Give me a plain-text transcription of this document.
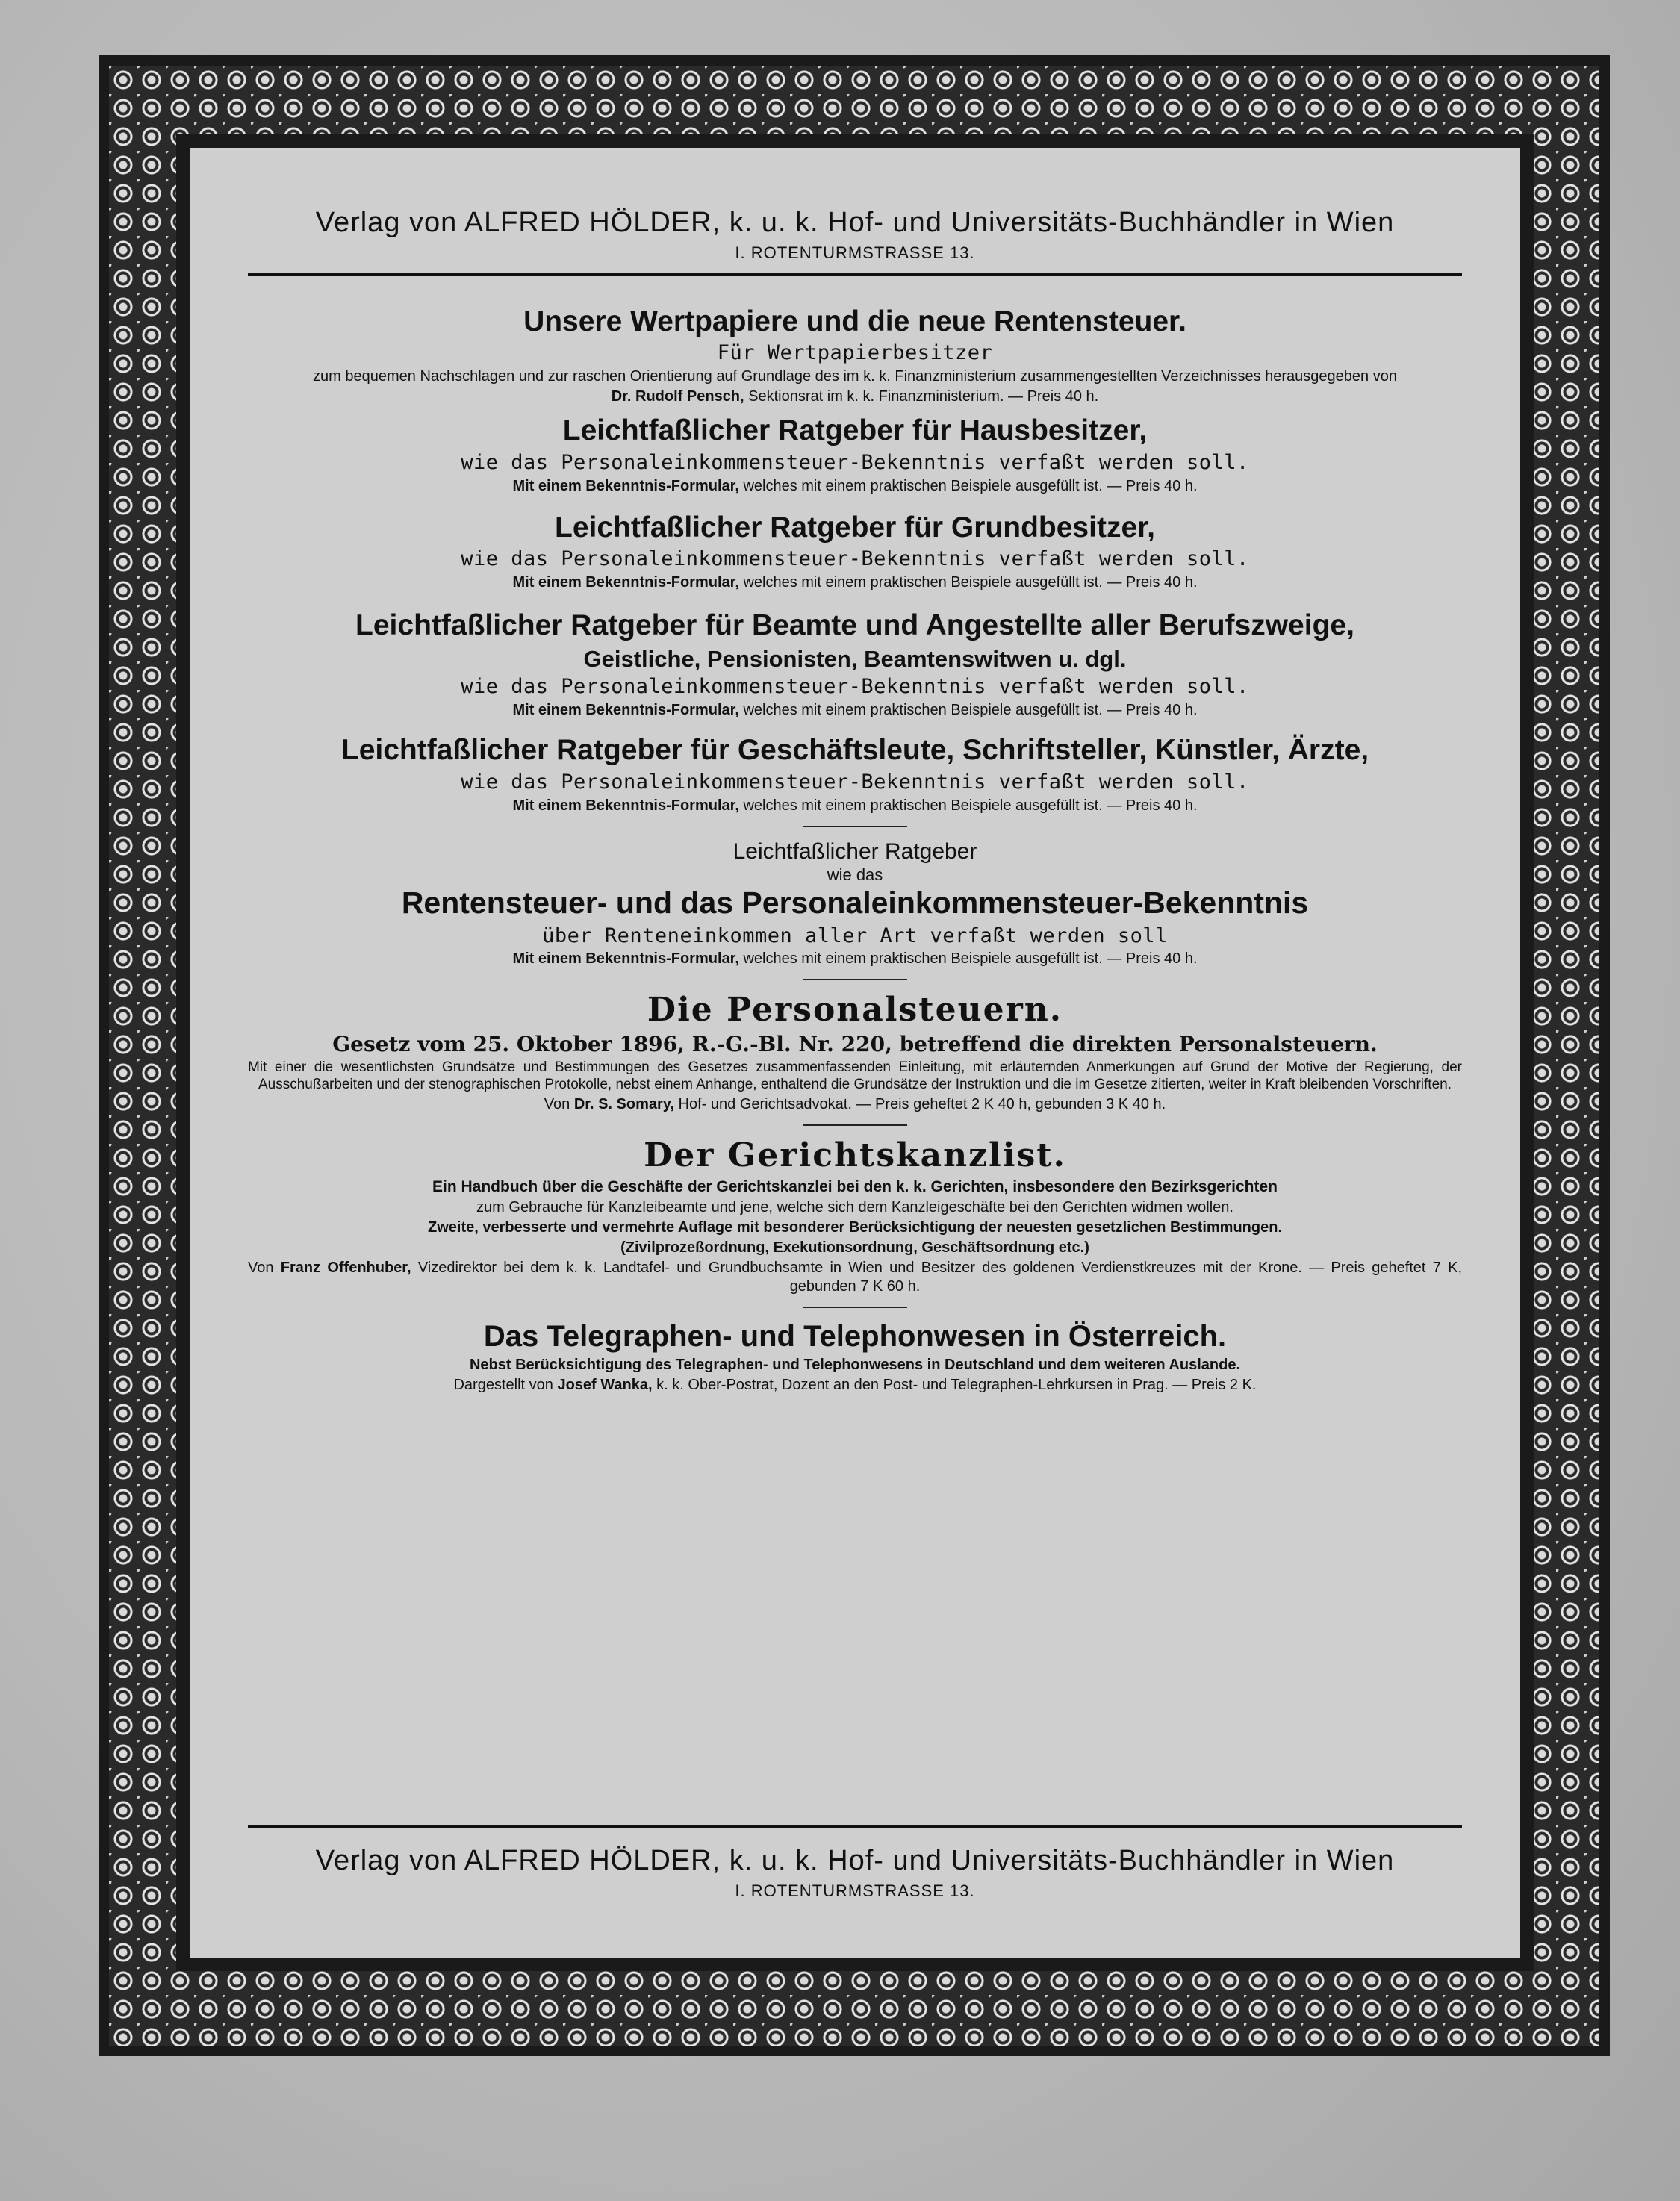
Verlag von ALFRED HÖLDER, k. u. k. Hof- und Universitäts-Buchhändler in Wien

I. ROTENTURMSTRASSE 13.

Unsere Wertpapiere und die neue Rentensteuer.

Für Wertpapierbesitzer

zum bequemen Nachschlagen und zur raschen Orientierung auf Grundlage des im k. k. Finanzministerium zusammengestellten Verzeichnisses herausgegeben von

Dr. Rudolf Pensch, Sektionsrat im k. k. Finanzministerium. — Preis 40 h.

Leichtfaßlicher Ratgeber für Hausbesitzer,

wie das Personaleinkommensteuer-Bekenntnis verfaßt werden soll.

Mit einem Bekenntnis-Formular, welches mit einem praktischen Beispiele ausgefüllt ist. — Preis 40 h.

Leichtfaßlicher Ratgeber für Grundbesitzer,

wie das Personaleinkommensteuer-Bekenntnis verfaßt werden soll.

Mit einem Bekenntnis-Formular, welches mit einem praktischen Beispiele ausgefüllt ist. — Preis 40 h.

Leichtfaßlicher Ratgeber für Beamte und Angestellte aller Berufszweige,

Geistliche, Pensionisten, Beamtenswitwen u. dgl.

wie das Personaleinkommensteuer-Bekenntnis verfaßt werden soll.

Mit einem Bekenntnis-Formular, welches mit einem praktischen Beispiele ausgefüllt ist. — Preis 40 h.

Leichtfaßlicher Ratgeber für Geschäftsleute, Schriftsteller, Künstler, Ärzte,

wie das Personaleinkommensteuer-Bekenntnis verfaßt werden soll.

Mit einem Bekenntnis-Formular, welches mit einem praktischen Beispiele ausgefüllt ist. — Preis 40 h.

Leichtfaßlicher Ratgeber

wie das

Rentensteuer- und das Personaleinkommensteuer-Bekenntnis

über Renteneinkommen aller Art verfaßt werden soll

Mit einem Bekenntnis-Formular, welches mit einem praktischen Beispiele ausgefüllt ist. — Preis 40 h.

Die Personalsteuern.

Gesetz vom 25. Oktober 1896, R.-G.-Bl. Nr. 220, betreffend die direkten Personalsteuern.

Mit einer die wesentlichsten Grundsätze und Bestimmungen des Gesetzes zusammenfassenden Einleitung, mit erläuternden Anmerkungen auf Grund der Motive der Regierung, der Ausschußarbeiten und der stenographischen Protokolle, nebst einem Anhange, enthaltend die Grundsätze der Instruktion und die im Gesetze zitierten, weiter in Kraft bleibenden Vorschriften.

Von Dr. S. Somary, Hof- und Gerichtsadvokat. — Preis geheftet 2 K 40 h, gebunden 3 K 40 h.

Der Gerichtskanzlist.

Ein Handbuch über die Geschäfte der Gerichtskanzlei bei den k. k. Gerichten, insbesondere den Bezirksgerichten

zum Gebrauche für Kanzleibeamte und jene, welche sich dem Kanzleigeschäfte bei den Gerichten widmen wollen.

Zweite, verbesserte und vermehrte Auflage mit besonderer Berücksichtigung der neuesten gesetzlichen Bestimmungen.

(Zivilprozeßordnung, Exekutionsordnung, Geschäftsordnung etc.)

Von Franz Offenhuber, Vizedirektor bei dem k. k. Landtafel- und Grundbuchsamte in Wien und Besitzer des goldenen Verdienstkreuzes mit der Krone. — Preis geheftet 7 K, gebunden 7 K 60 h.

Das Telegraphen- und Telephonwesen in Österreich.

Nebst Berücksichtigung des Telegraphen- und Telephonwesens in Deutschland und dem weiteren Auslande.

Dargestellt von Josef Wanka, k. k. Ober-Postrat, Dozent an den Post- und Telegraphen-Lehrkursen in Prag. — Preis 2 K.

Verlag von ALFRED HÖLDER, k. u. k. Hof- und Universitäts-Buchhändler in Wien

I. ROTENTURMSTRASSE 13.
